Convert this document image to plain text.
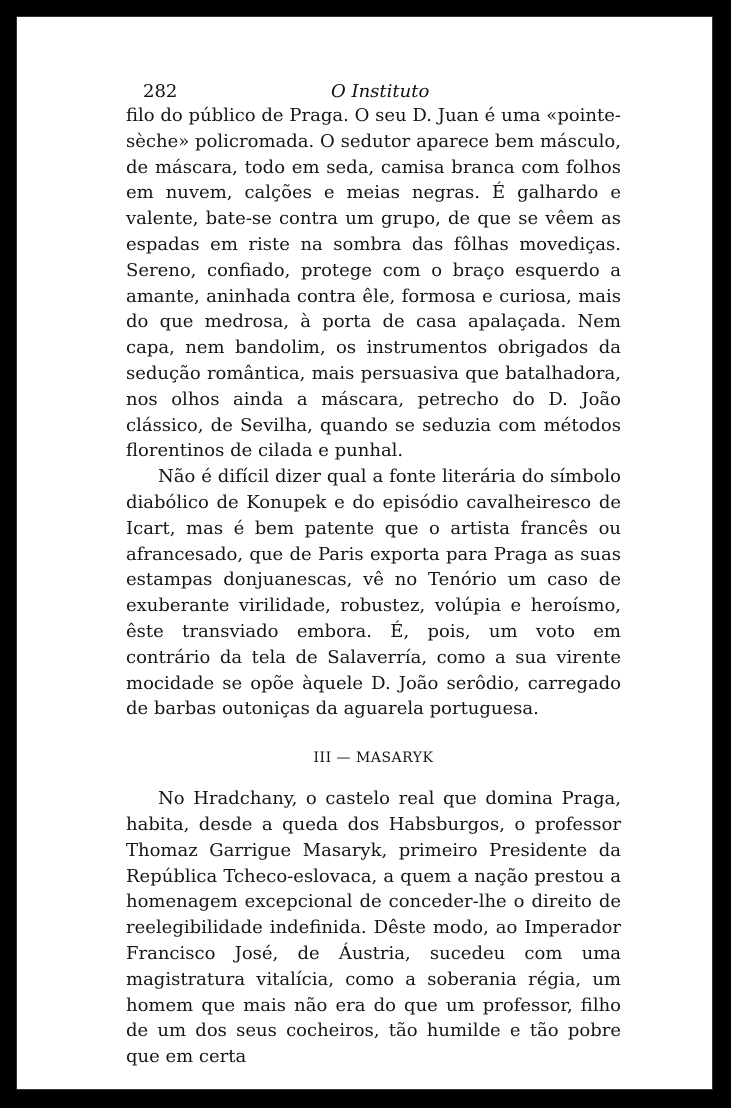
282	O Instituto

filo do público de Praga. O seu D. Juan é uma «pointe-sèche» policromada. O sedutor aparece bem másculo, de máscara, todo em seda, camisa branca com folhos em nuvem, calções e meias negras. É galhardo e valente, bate-se contra um grupo, de que se vêem as espadas em riste na sombra das fôlhas movediças. Sereno, confiado, protege com o braço esquerdo a amante, aninhada contra êle, formosa e curiosa, mais do que medrosa, à porta de casa apalaçada. Nem capa, nem bandolim, os instrumentos obrigados da sedução romântica, mais persuasiva que batalhadora, nos olhos ainda a máscara, petrecho do D. João clássico, de Sevilha, quando se seduzia com métodos florentinos de cilada e punhal.

Não é difícil dizer qual a fonte literária do símbolo diabólico de Konupek e do episódio cavalheiresco de Icart, mas é bem patente que o artista francês ou afrancesado, que de Paris exporta para Praga as suas estampas donjuanescas, vê no Tenório um caso de exuberante virilidade, robustez, volúpia e heroísmo, êste transviado embora. É, pois, um voto em contrário da tela de Salaverría, como a sua virente mocidade se opõe àquele D. João serôdio, carregado de barbas outoniças da aguarela portuguesa.

III — MASARYK

No Hradchany, o castelo real que domina Praga, habita, desde a queda dos Habsburgos, o professor Thomaz Garrigue Masaryk, primeiro Presidente da República Tcheco-eslovaca, a quem a nação prestou a homenagem excepcional de conceder-lhe o direito de reelegibilidade indefinida. Dêste modo, ao Imperador Francisco José, de Áustria, sucedeu com uma magistratura vitalícia, como a soberania régia, um homem que mais não era do que um professor, filho de um dos seus cocheiros, tão humilde e tão pobre que em certa
